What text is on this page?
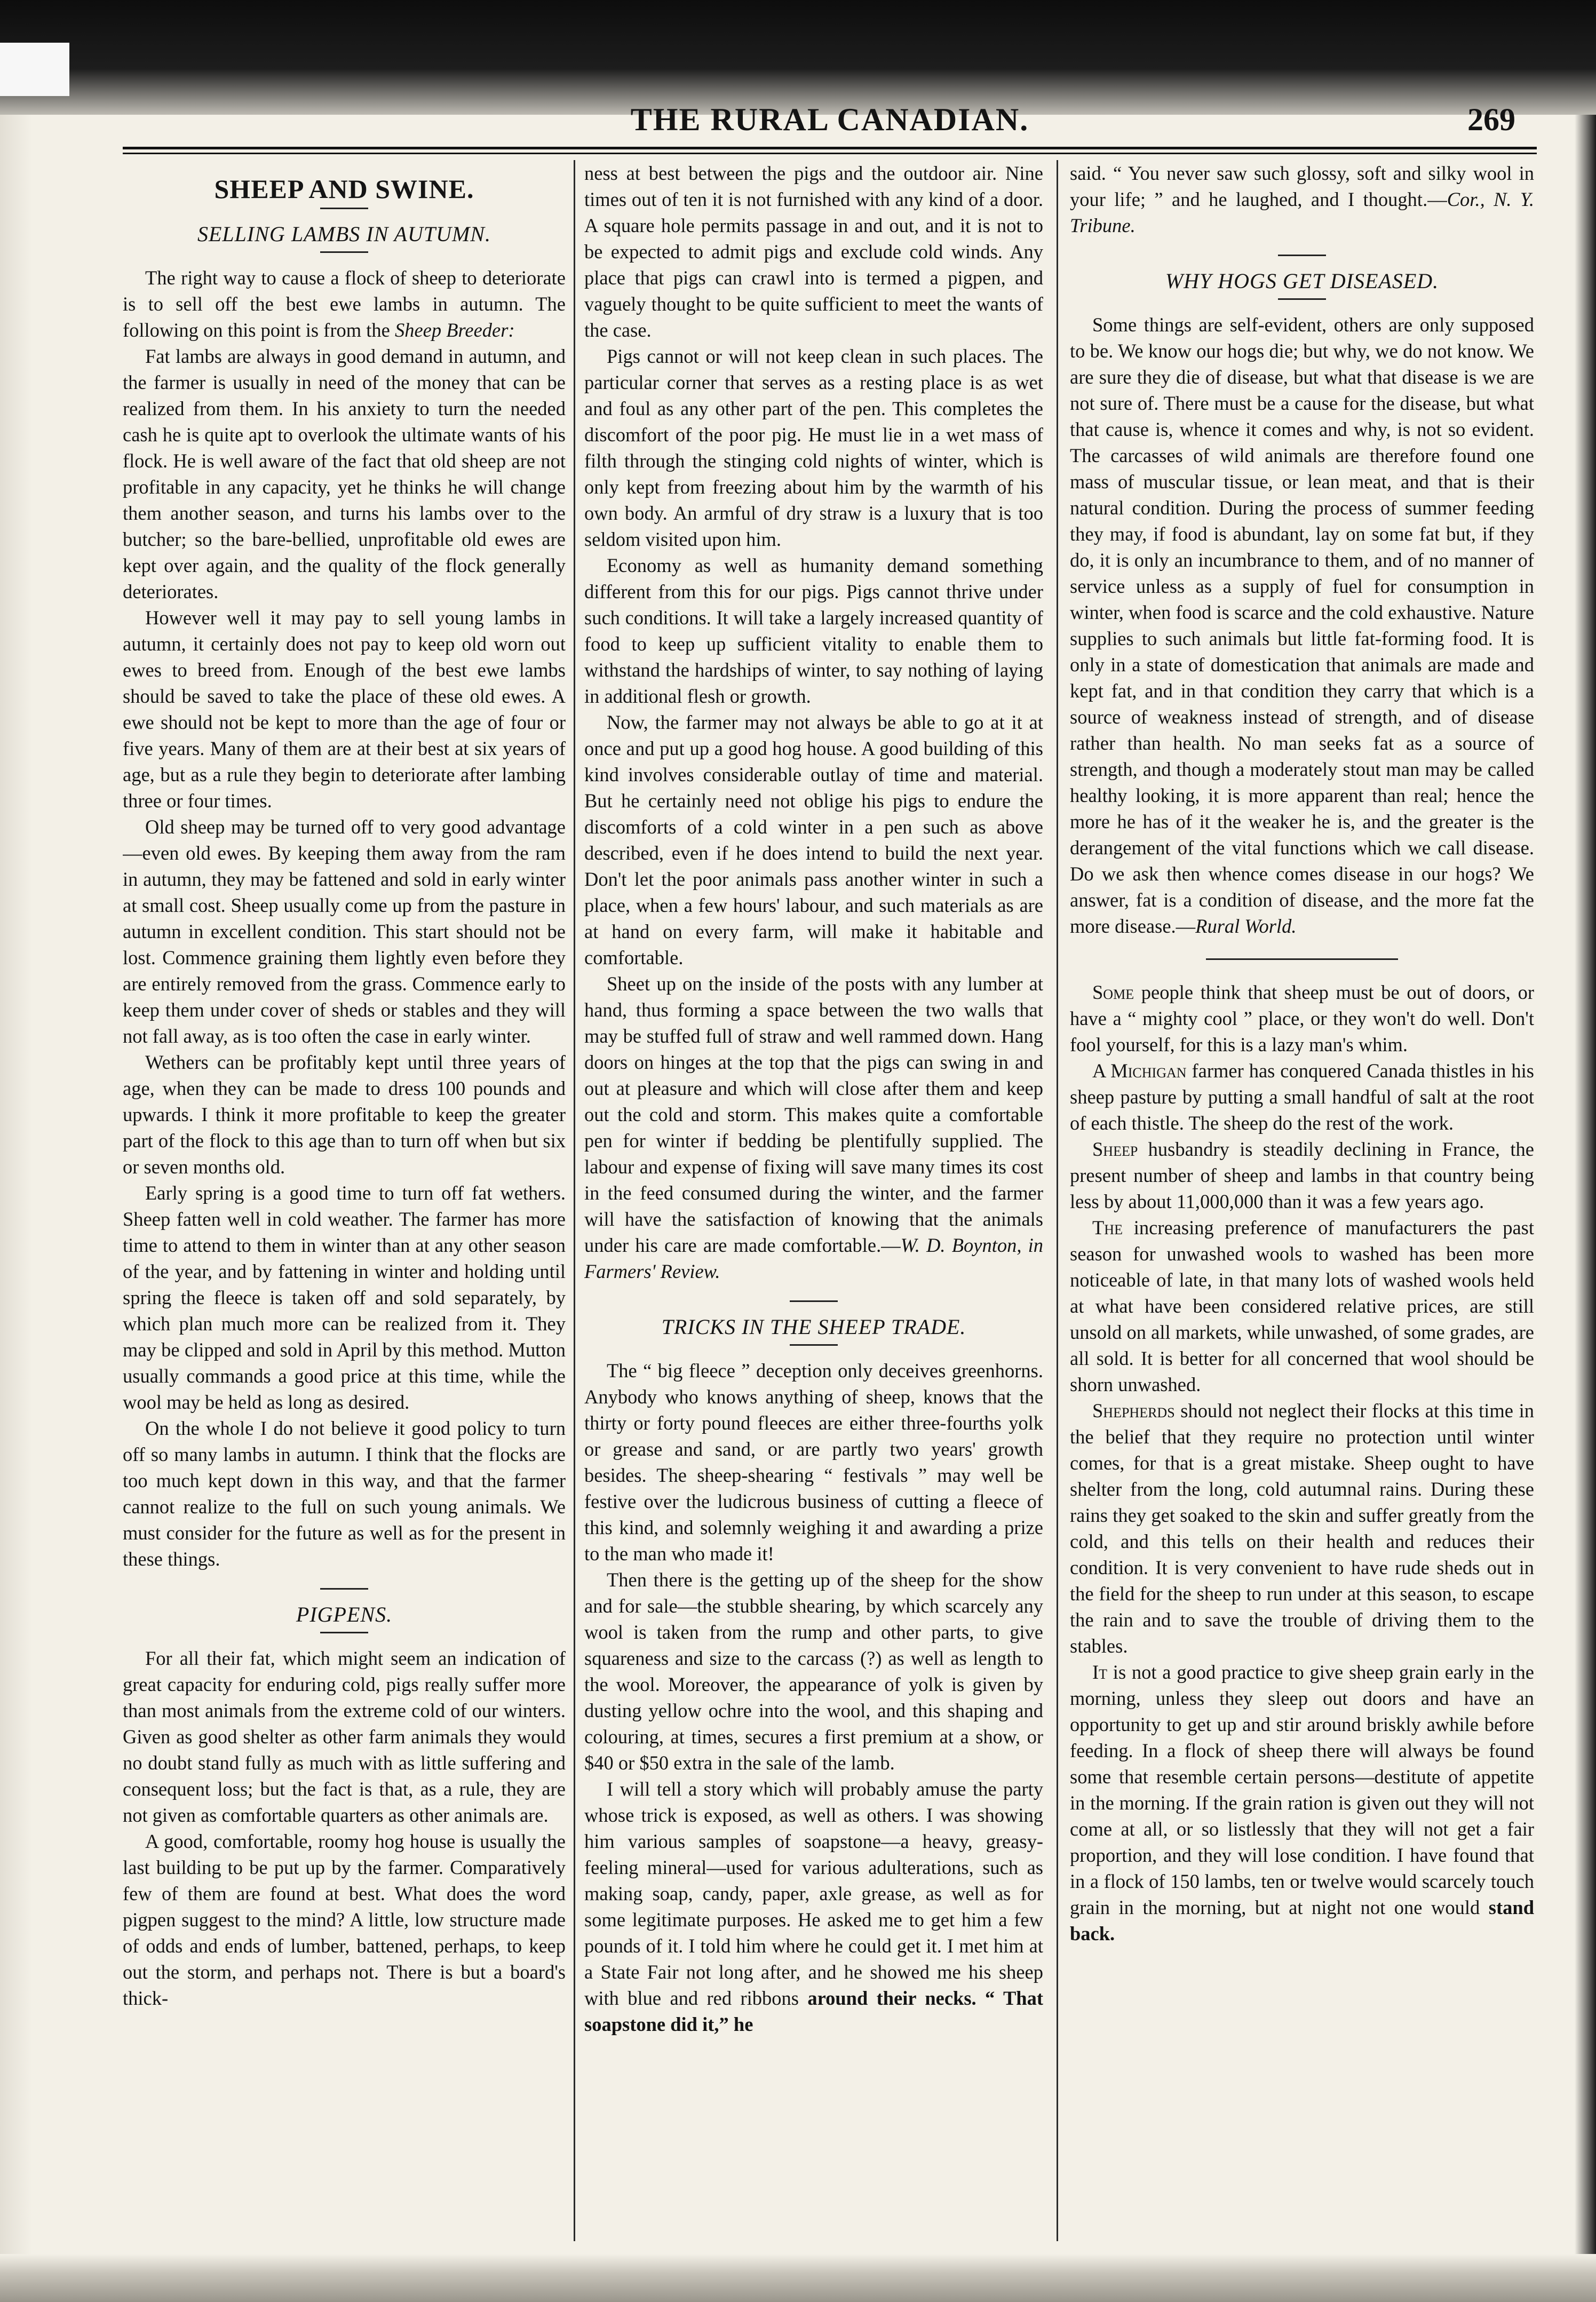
THE RURAL CANADIAN.	269
SHEEP AND SWINE.
SELLING LAMBS IN AUTUMN.

The right way to cause a flock of sheep to deteriorate is to sell off the best ewe lambs in autumn. The following on this point is from the Sheep Breeder:

Fat lambs are always in good demand in autumn, and the farmer is usually in need of the money that can be realized from them. In his anxiety to turn the needed cash he is quite apt to overlook the ultimate wants of his flock. He is well aware of the fact that old sheep are not profitable in any capacity, yet he thinks he will change them another season, and turns his lambs over to the butcher; so the bare-bellied, unprofitable old ewes are kept over again, and the quality of the flock generally deteriorates.

However well it may pay to sell young lambs in autumn, it certainly does not pay to keep old worn out ewes to breed from. Enough of the best ewe lambs should be saved to take the place of these old ewes. A ewe should not be kept to more than the age of four or five years. Many of them are at their best at six years of age, but as a rule they begin to deteriorate after lambing three or four times.

Old sheep may be turned off to very good advantage—even old ewes. By keeping them away from the ram in autumn, they may be fattened and sold in early winter at small cost. Sheep usually come up from the pasture in autumn in excellent condition. This start should not be lost. Commence graining them lightly even before they are entirely removed from the grass. Commence early to keep them under cover of sheds or stables and they will not fall away, as is too often the case in early winter.

Wethers can be profitably kept until three years of age, when they can be made to dress 100 pounds and upwards. I think it more profitable to keep the greater part of the flock to this age than to turn off when but six or seven months old.

Early spring is a good time to turn off fat wethers. Sheep fatten well in cold weather. The farmer has more time to attend to them in winter than at any other season of the year, and by fattening in winter and holding until spring the fleece is taken off and sold separately, by which plan much more can be realized from it. They may be clipped and sold in April by this method. Mutton usually commands a good price at this time, while the wool may be held as long as desired.

On the whole I do not believe it good policy to turn off so many lambs in autumn. I think that the flocks are too much kept down in this way, and that the farmer cannot realize to the full on such young animals. We must consider for the future as well as for the present in these things.

PIGPENS.

For all their fat, which might seem an indication of great capacity for enduring cold, pigs really suffer more than most animals from the extreme cold of our winters. Given as good shelter as other farm animals they would no doubt stand fully as much with as little suffering and consequent loss; but the fact is that, as a rule, they are not given as comfortable quarters as other animals are.

A good, comfortable, roomy hog house is usually the last building to be put up by the farmer. Comparatively few of them are found at best. What does the word pigpen suggest to the mind? A little, low structure made of odds and ends of lumber, battened, perhaps, to keep out the storm, and perhaps not. There is but a board's thick-

ness at best between the pigs and the outdoor air. Nine times out of ten it is not furnished with any kind of a door. A square hole permits passage in and out, and it is not to be expected to admit pigs and exclude cold winds. Any place that pigs can crawl into is termed a pigpen, and vaguely thought to be quite sufficient to meet the wants of the case.

Pigs cannot or will not keep clean in such places. The particular corner that serves as a resting place is as wet and foul as any other part of the pen. This completes the discomfort of the poor pig. He must lie in a wet mass of filth through the stinging cold nights of winter, which is only kept from freezing about him by the warmth of his own body. An armful of dry straw is a luxury that is too seldom visited upon him.

Economy as well as humanity demand something different from this for our pigs. Pigs cannot thrive under such conditions. It will take a largely increased quantity of food to keep up sufficient vitality to enable them to withstand the hardships of winter, to say nothing of laying in additional flesh or growth.

Now, the farmer may not always be able to go at it at once and put up a good hog house. A good building of this kind involves considerable outlay of time and material. But he certainly need not oblige his pigs to endure the discomforts of a cold winter in a pen such as above described, even if he does intend to build the next year. Don't let the poor animals pass another winter in such a place, when a few hours' labour, and such materials as are at hand on every farm, will make it habitable and comfortable.

Sheet up on the inside of the posts with any lumber at hand, thus forming a space between the two walls that may be stuffed full of straw and well rammed down. Hang doors on hinges at the top that the pigs can swing in and out at pleasure and which will close after them and keep out the cold and storm. This makes quite a comfortable pen for winter if bedding be plentifully supplied. The labour and expense of fixing will save many times its cost in the feed consumed during the winter, and the farmer will have the satisfaction of knowing that the animals under his care are made comfortable.—W. D. Boynton, in Farmers' Review.

TRICKS IN THE SHEEP TRADE.

The “ big fleece ” deception only deceives greenhorns. Anybody who knows anything of sheep, knows that the thirty or forty pound fleeces are either three-fourths yolk or grease and sand, or are partly two years' growth besides. The sheep-shearing “ festivals ” may well be festive over the ludicrous business of cutting a fleece of this kind, and solemnly weighing it and awarding a prize to the man who made it!

Then there is the getting up of the sheep for the show and for sale—the stubble shearing, by which scarcely any wool is taken from the rump and other parts, to give squareness and size to the carcass (?) as well as length to the wool. Moreover, the appearance of yolk is given by dusting yellow ochre into the wool, and this shaping and colouring, at times, secures a first premium at a show, or $40 or $50 extra in the sale of the lamb.

I will tell a story which will probably amuse the party whose trick is exposed, as well as others. I was showing him various samples of soapstone—a heavy, greasy-feeling mineral—used for various adulterations, such as making soap, candy, paper, axle grease, as well as for some legitimate purposes. He asked me to get him a few pounds of it. I told him where he could get it. I met him at a State Fair not long after, and he showed me his sheep with blue and red ribbons around their necks. “ That soapstone did it,” he

said. “ You never saw such glossy, soft and silky wool in your life; ” and he laughed, and I thought.—Cor., N. Y. Tribune.

WHY HOGS GET DISEASED.

Some things are self-evident, others are only supposed to be. We know our hogs die; but why, we do not know. We are sure they die of disease, but what that disease is we are not sure of. There must be a cause for the disease, but what that cause is, whence it comes and why, is not so evident. The carcasses of wild animals are therefore found one mass of muscular tissue, or lean meat, and that is their natural condition. During the process of summer feeding they may, if food is abundant, lay on some fat but, if they do, it is only an incumbrance to them, and of no manner of service unless as a supply of fuel for consumption in winter, when food is scarce and the cold exhaustive. Nature supplies to such animals but little fat-forming food. It is only in a state of domestication that animals are made and kept fat, and in that condition they carry that which is a source of weakness instead of strength, and of disease rather than health. No man seeks fat as a source of strength, and though a moderately stout man may be called healthy looking, it is more apparent than real; hence the more he has of it the weaker he is, and the greater is the derangement of the vital functions which we call disease. Do we ask then whence comes disease in our hogs? We answer, fat is a condition of disease, and the more fat the more disease.—Rural World.

Some people think that sheep must be out of doors, or have a “ mighty cool ” place, or they won't do well. Don't fool yourself, for this is a lazy man's whim.

A Michigan farmer has conquered Canada thistles in his sheep pasture by putting a small handful of salt at the root of each thistle. The sheep do the rest of the work.

Sheep husbandry is steadily declining in France, the present number of sheep and lambs in that country being less by about 11,000,000 than it was a few years ago.

The increasing preference of manufacturers the past season for unwashed wools to washed has been more noticeable of late, in that many lots of washed wools held at what have been considered relative prices, are still unsold on all markets, while unwashed, of some grades, are all sold. It is better for all concerned that wool should be shorn unwashed.

Shepherds should not neglect their flocks at this time in the belief that they require no protection until winter comes, for that is a great mistake. Sheep ought to have shelter from the long, cold autumnal rains. During these rains they get soaked to the skin and suffer greatly from the cold, and this tells on their health and reduces their condition. It is very convenient to have rude sheds out in the field for the sheep to run under at this season, to escape the rain and to save the trouble of driving them to the stables.

It is not a good practice to give sheep grain early in the morning, unless they sleep out doors and have an opportunity to get up and stir around briskly awhile before feeding. In a flock of sheep there will always be found some that resemble certain persons—destitute of appetite in the morning. If the grain ration is given out they will not come at all, or so listlessly that they will not get a fair proportion, and they will lose condition. I have found that in a flock of 150 lambs, ten or twelve would scarcely touch grain in the morning, but at night not one would stand back.
